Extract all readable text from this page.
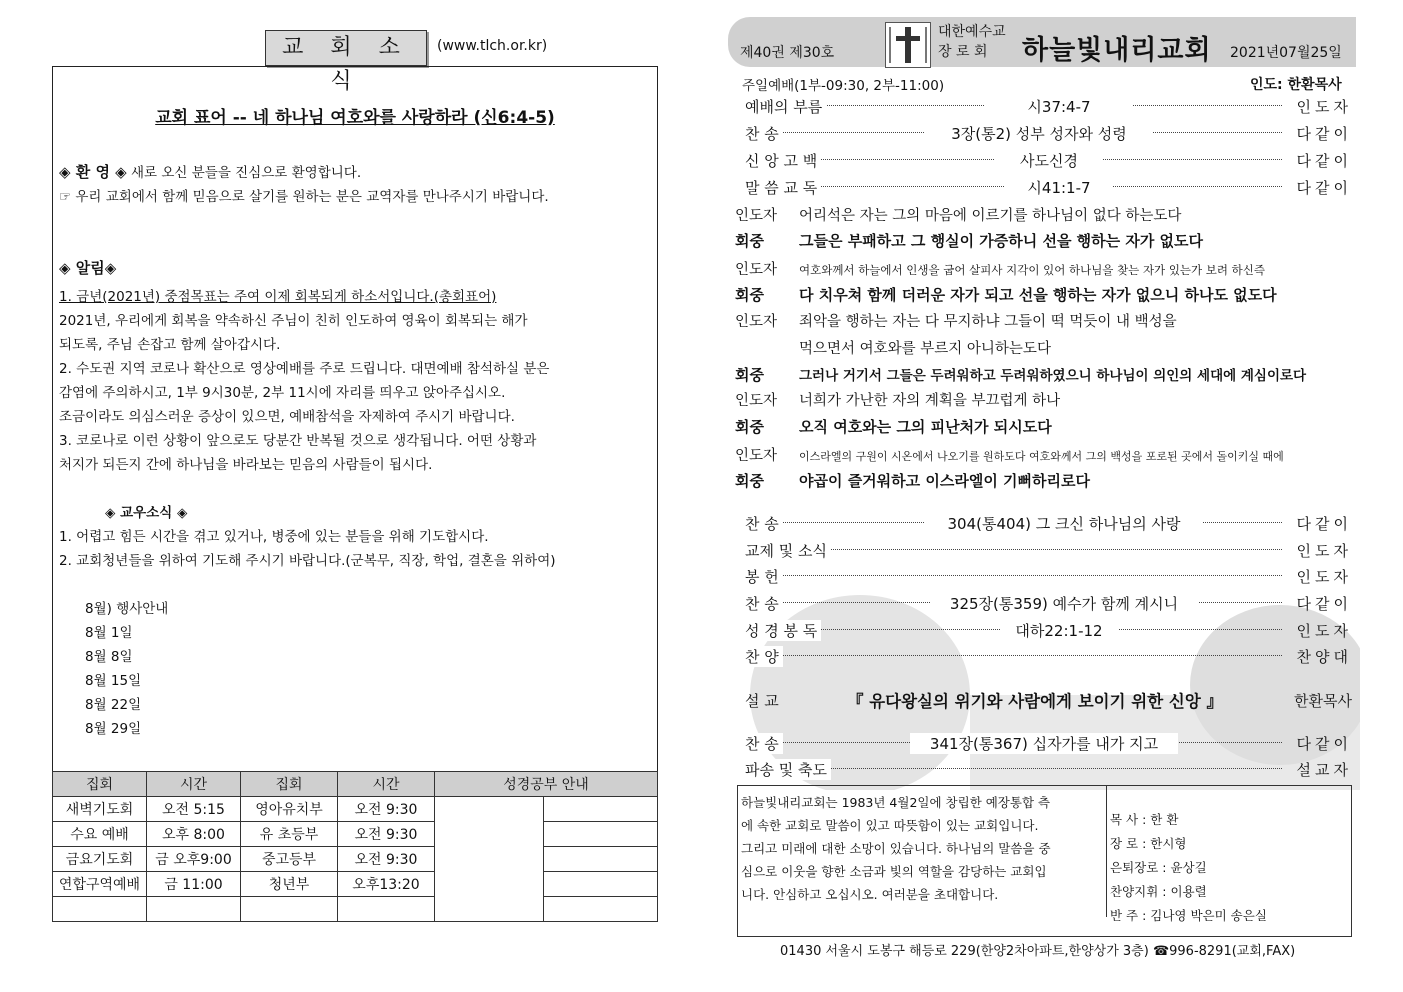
교 회 소 식
(www.tlch.or.kr)
교회 표어 -- 네 하나님 여호와를 사랑하라 (신6:4-5)
◈ 환 영 ◈ 새로 오신 분들을 진심으로 환영합니다.
☞ 우리 교회에서 함께 믿음으로 살기를 원하는 분은 교역자를 만나주시기 바랍니다.
◈ 알림◈
1. 금년(2021년) 중점목표는 주여 이제 회복되게 하소서입니다.(총회표어)
2021년, 우리에게 회복을 약속하신 주님이 친히 인도하여 영육이 회복되는 해가
되도록, 주님 손잡고 함께 살아갑시다.
2. 수도권 지역 코로나 확산으로 영상예배를 주로 드립니다. 대면예배 참석하실 분은
감염에 주의하시고, 1부 9시30분, 2부 11시에 자리를 띄우고 앉아주십시오.
조금이라도 의심스러운 증상이 있으면, 예배참석을 자제하여 주시기 바랍니다.
3. 코로나로 이런 상황이 앞으로도 당분간 반복될 것으로 생각됩니다. 어떤 상황과
처지가 되든지 간에 하나님을 바라보는 믿음의 사람들이 됩시다.
◈ 교우소식 ◈
1. 어렵고 힘든 시간을 겪고 있거나, 병중에 있는 분들을 위해 기도합시다.
2. 교회청년들을 위하여 기도해 주시기 바랍니다.(군복무, 직장, 학업, 결혼을 위하여)
8월) 행사안내
8월 1일
8월 8일
8월 15일
8월 22일
8월 29일
집회	시간	집회	시간	성경공부 안내	
새벽기도회	오전 5:15	영아유치부	오전 9:30		
수요 예배	오후 8:00	유 초등부	오전 9:30		
금요기도회	금 오후9:00	중고등부	오전 9:30		
연합구역예배	금 11:00	청년부	오후13:20		

제40권 제30호
대한예수교
장 로 회	하늘빛내리교회 2021년07월25일
주일예배(1부-09:30, 2부-11:00)	인도: 한환목사
예배의 부름	시37:4-7	인도자
찬 송	3장(통2) 성부 성자와 성령	다같이
신 앙 고 백	사도신경	다같이
말 씀 교 독	시41:1-7	다같이
인도자 어리석은 자는 그의 마음에 이르기를 하나님이 없다 하는도다
회중 그들은 부패하고 그 행실이 가증하니 선을 행하는 자가 없도다
인도자 여호와께서 하늘에서 인생을 굽어 살피사 지각이 있어 하나님을 찾는 자가 있는가 보려 하신즉
회중 다 치우쳐 함께 더러운 자가 되고 선을 행하는 자가 없으니 하나도 없도다
인도자 죄악을 행하는 자는 다 무지하냐 그들이 떡 먹듯이 내 백성을
먹으면서 여호와를 부르지 아니하는도다
회중	그러나 거기서 그들은 두려워하고 두려워하였으니 하나님이 의인의 세대에 계심이로다
인도자 너희가 가난한 자의 계획을 부끄럽게 하나
회중 오직 여호와는 그의 피난처가 되시도다
인도자 이스라엘의 구원이 시온에서 나오기를 원하도다 여호와께서 그의 백성을 포로된 곳에서 돌이키실 때에
회중 야곱이 즐거워하고 이스라엘이 기뻐하리로다
찬 송	304(통404) 그 크신 하나님의 사랑	다같이
교제 및 소식	인도자
봉 헌	인도자
찬 송	325장(통359) 예수가 함께 계시니	다같이
성 경 봉 독	대하22:1-12	인도자
찬 양	찬양대
설 교	『 유다왕실의 위기와 사람에게 보이기 위한 신앙 』	한환목사
찬 송	341장(통367) 십자가를 내가 지고	다같이
파송 및 축도	설교자
하늘빛내리교회는 1983년 4월2일에 창립한 예장통합 측
에 속한 교회로 말씀이 있고 따뜻함이 있는 교회입니다.
그리고 미래에 대한 소망이 있습니다. 하나님의 말씀을 중
심으로 이웃을 향한 소금과 빛의 역할을 감당하는 교회입
니다. 안심하고 오십시오. 여러분을 초대합니다.
목 사 : 한 환
장 로 : 한시형
은퇴장로 : 윤상길
찬양지휘 : 이용렬
반 주 : 김나영 박은미 송은실
01430 서울시 도봉구 해등로 229(한양2차아파트,한양상가 3층) ☎996-8291(교회,FAX)
